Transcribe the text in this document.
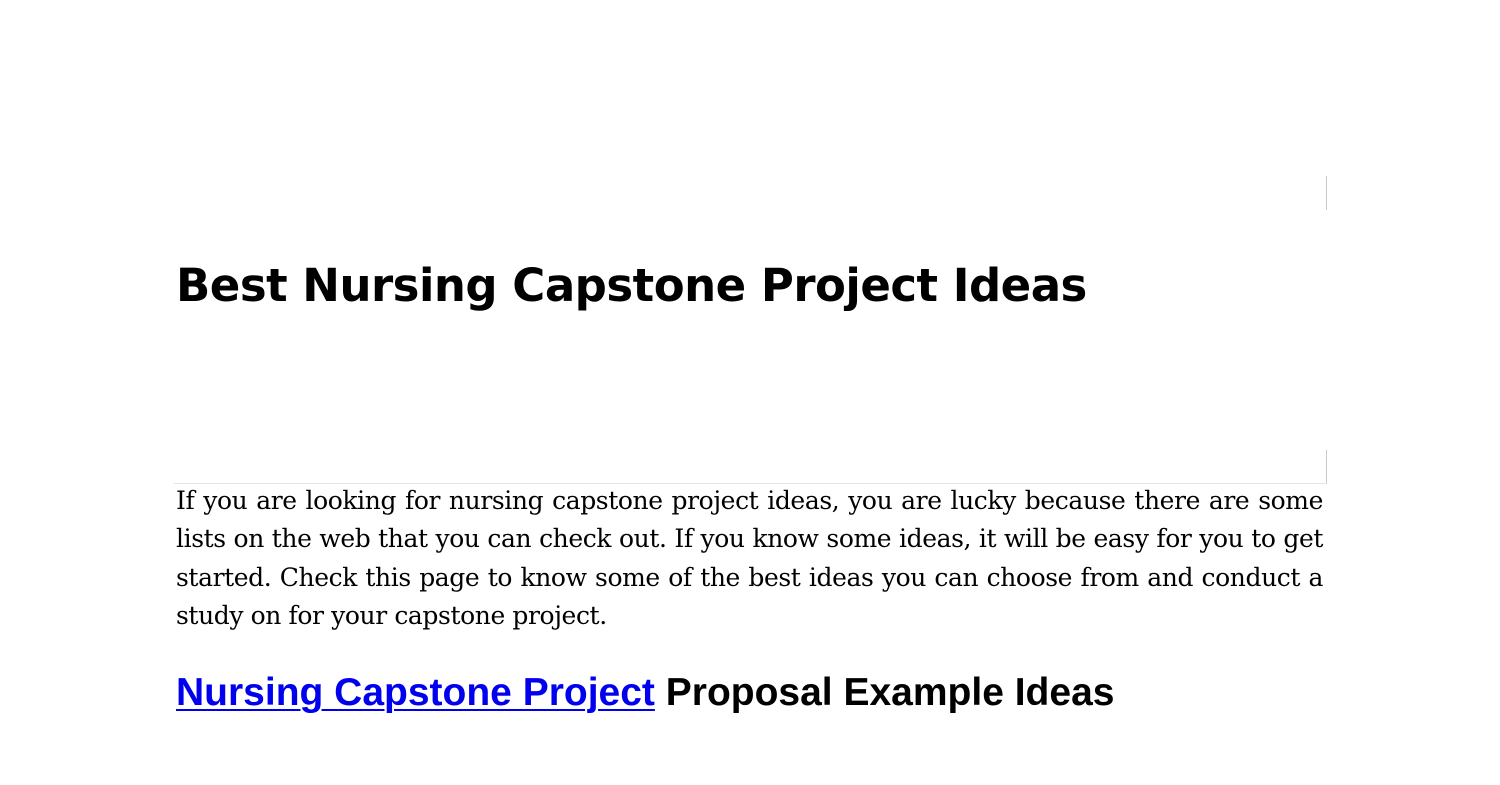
Best Nursing Capstone Project Ideas

If you are looking for nursing capstone project ideas, you are lucky because there are some lists on the web that you can check out. If you know some ideas, it will be easy for you to get started. Check this page to know some of the best ideas you can choose from and conduct a study on for your capstone project.

Nursing Capstone Project Proposal Example Ideas
